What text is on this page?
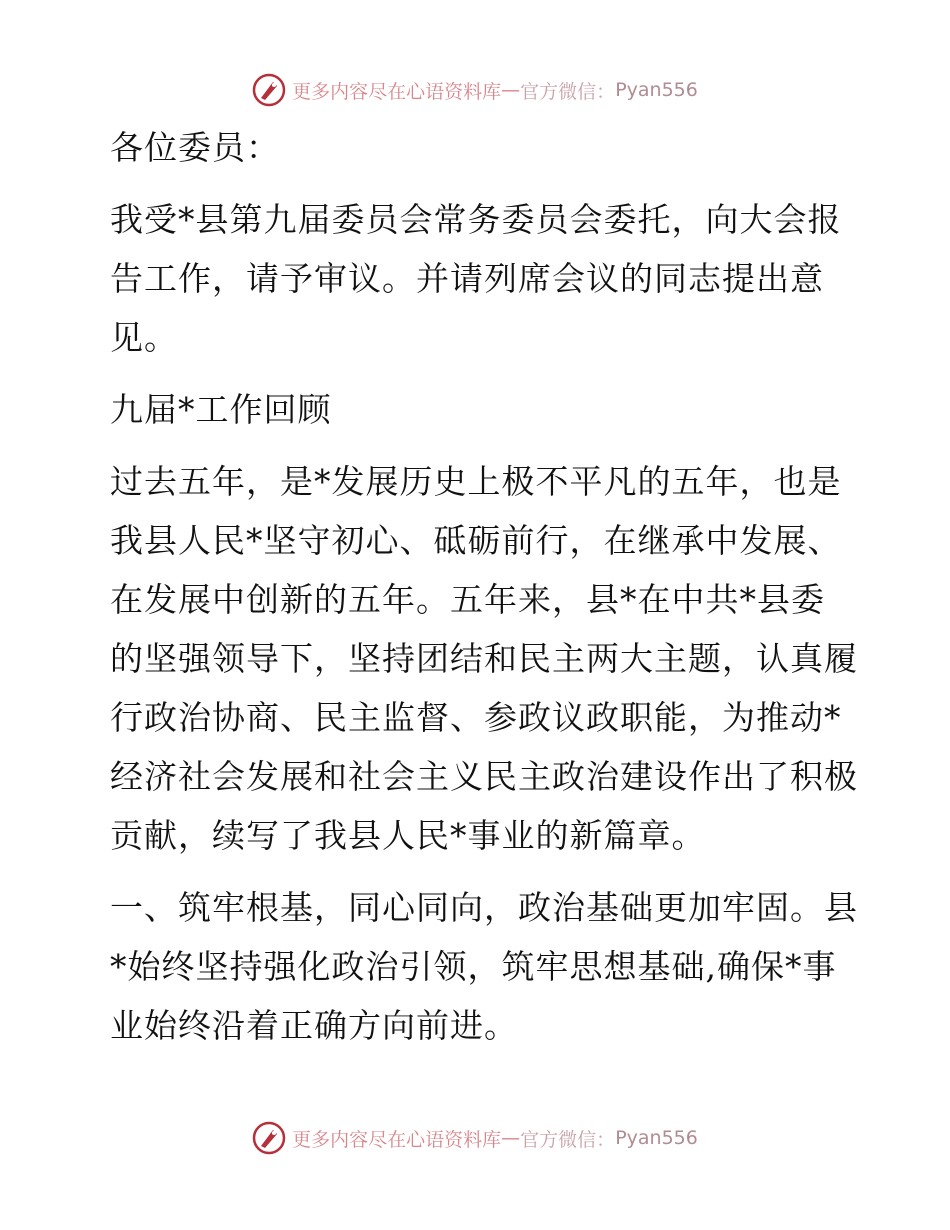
更多内容尽在心语资料库 — 官方微信： Pyan556

各位委员：

我受*县第九届委员会常务委员会委托，向大会报告工作，请予审议。并请列席会议的同志提出意见。

九届*工作回顾

过去五年，是*发展历史上极不平凡的五年，也是我县人民*坚守初心、砥砺前行，在继承中发展、在发展中创新的五年。五年来，县*在中共*县委的坚强领导下，坚持团结和民主两大主题，认真履行政治协商、民主监督、参政议政职能，为推动*经济社会发展和社会主义民主政治建设作出了积极贡献，续写了我县人民*事业的新篇章。

一、筑牢根基，同心同向，政治基础更加牢固。县*始终坚持强化政治引领，筑牢思想基础,确保*事业始终沿着正确方向前进。

更多内容尽在心语资料库 — 官方微信： Pyan556
